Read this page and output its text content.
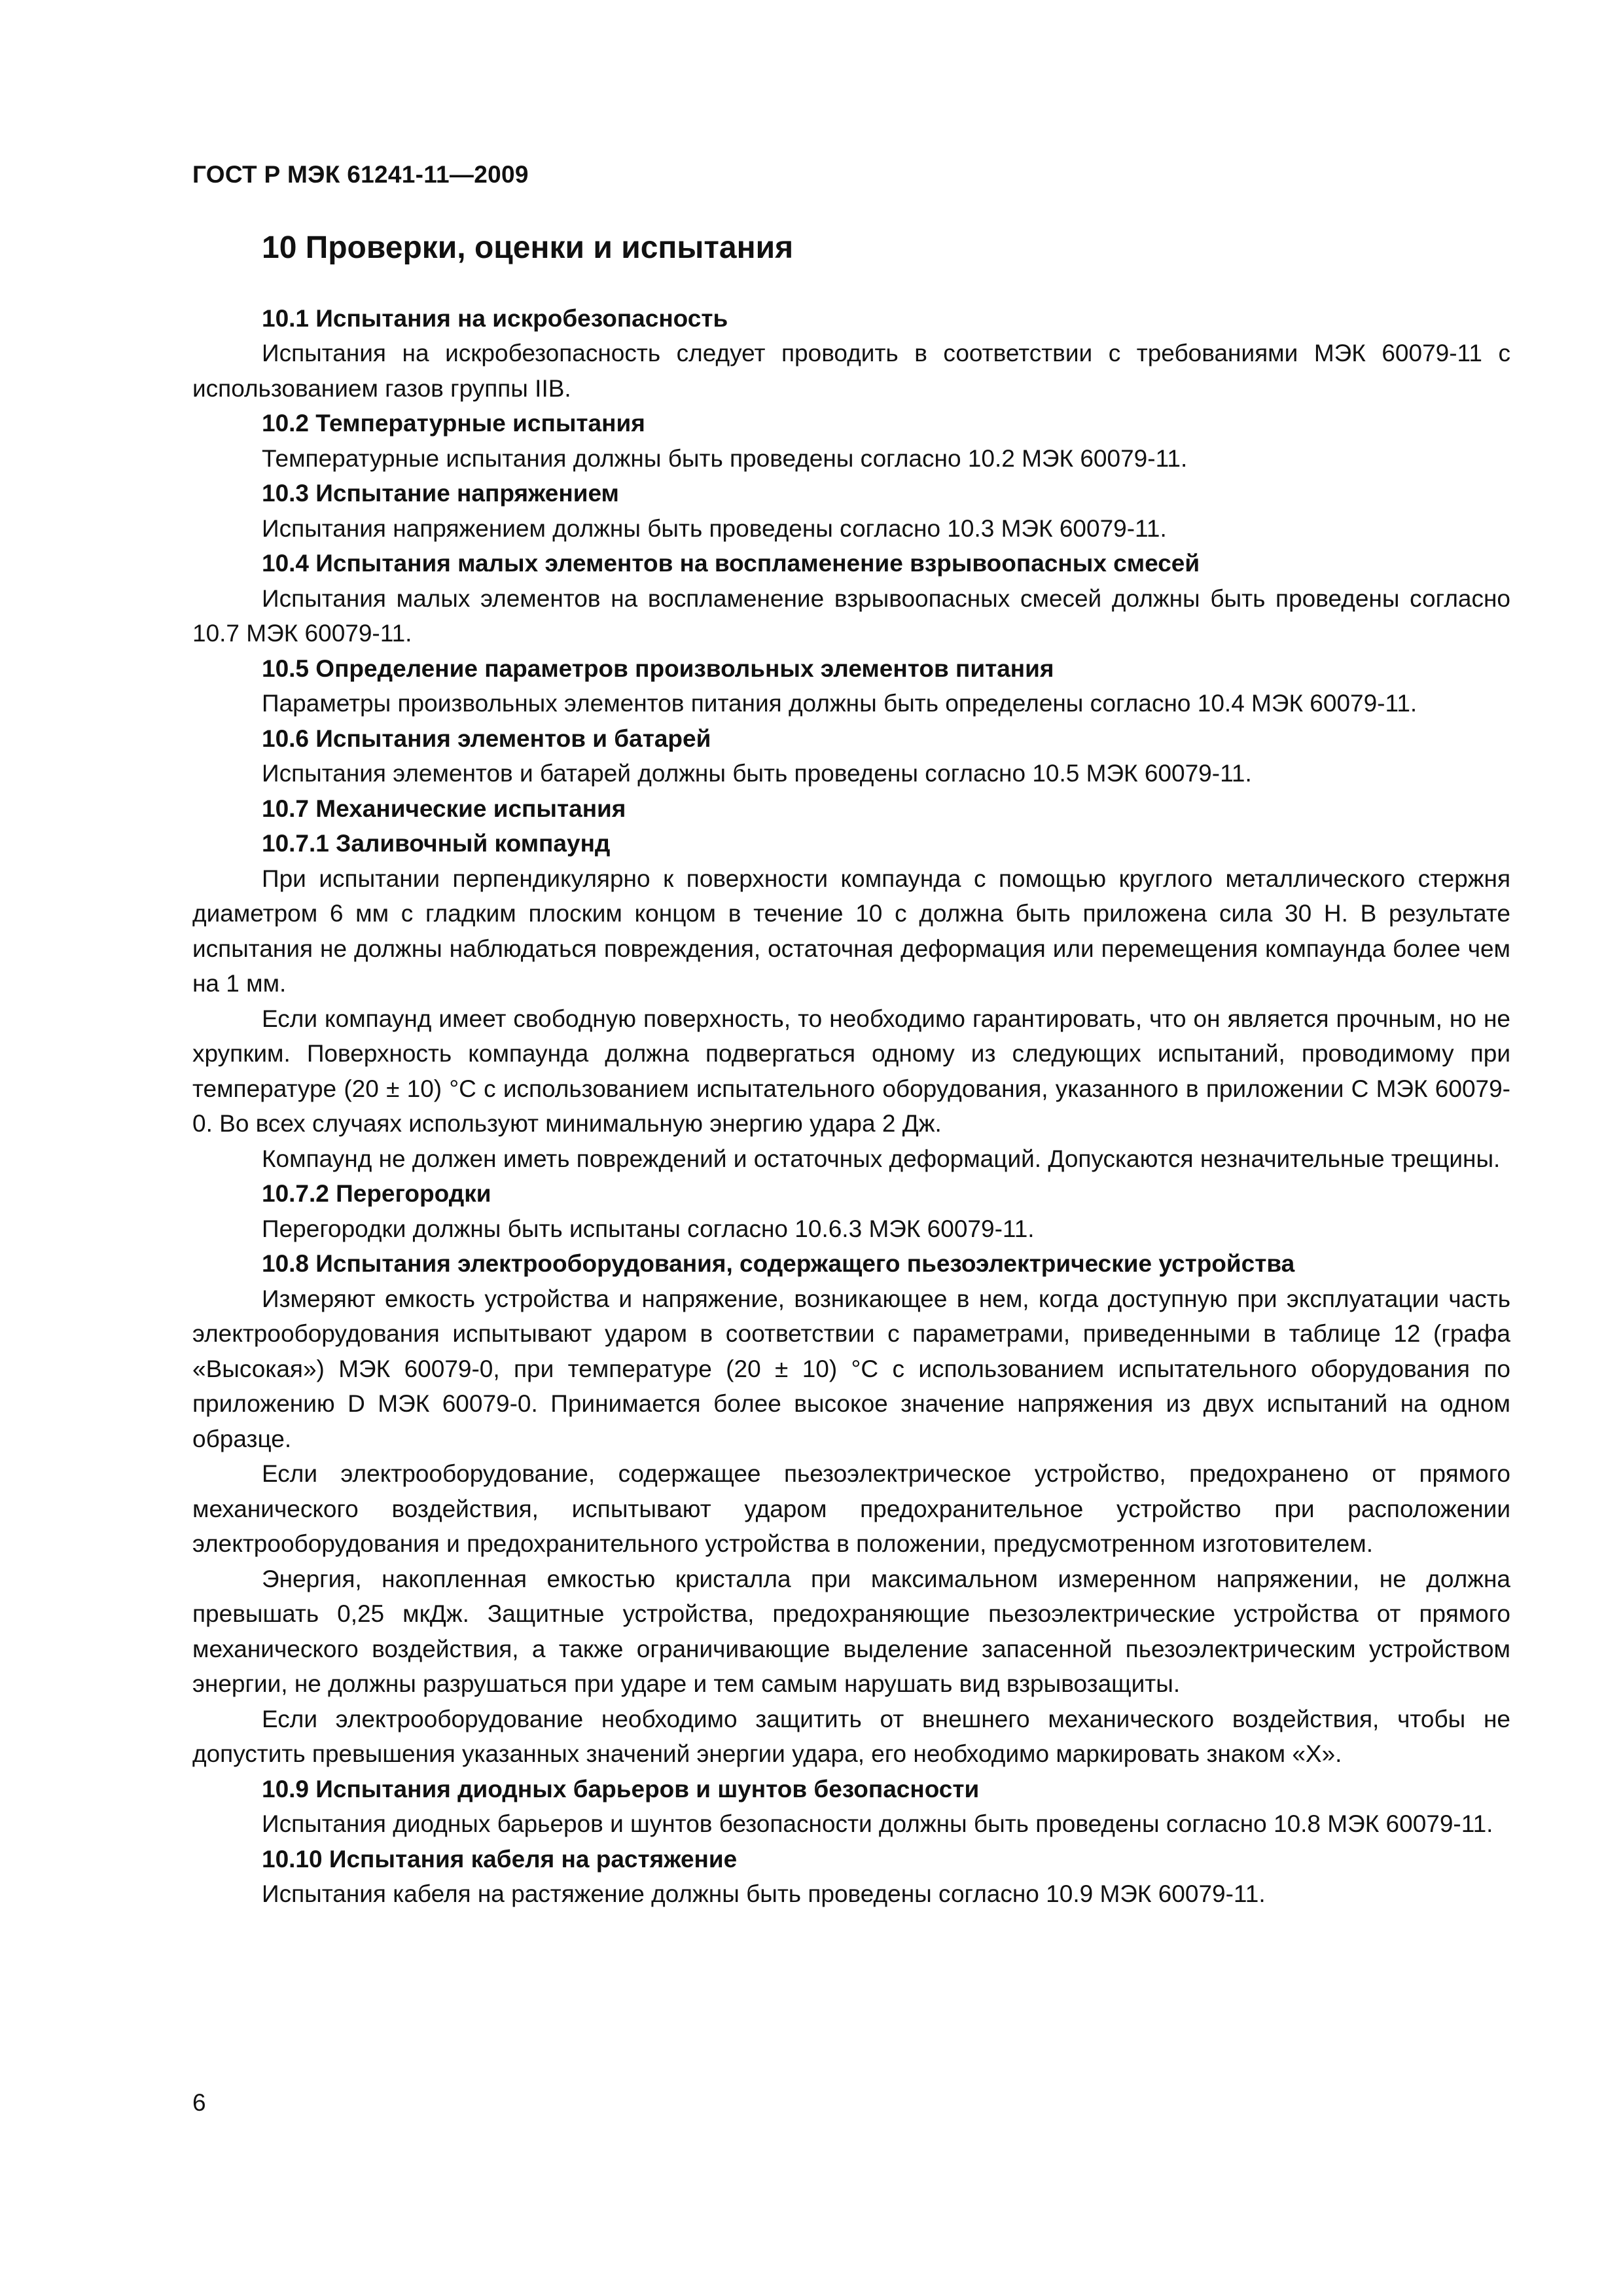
ГОСТ Р МЭК 61241-11—2009
10 Проверки, оценки и испытания
10.1 Испытания на искробезопасность
Испытания на искробезопасность следует проводить в соответствии с требованиями МЭК 60079-11 с использованием газов группы IIB.
10.2 Температурные испытания
Температурные испытания должны быть проведены согласно 10.2 МЭК 60079-11.
10.3 Испытание напряжением
Испытания напряжением должны быть проведены согласно 10.3 МЭК 60079-11.
10.4 Испытания малых элементов на воспламенение взрывоопасных смесей
Испытания малых элементов на воспламенение взрывоопасных смесей должны быть проведены согласно 10.7 МЭК 60079-11.
10.5 Определение параметров произвольных элементов питания
Параметры произвольных элементов питания должны быть определены согласно 10.4 МЭК 60079-11.
10.6 Испытания элементов и батарей
Испытания элементов и батарей должны быть проведены согласно 10.5 МЭК 60079-11.
10.7 Механические испытания
10.7.1 Заливочный компаунд
При испытании перпендикулярно к поверхности компаунда с помощью круглого металлического стержня диаметром 6 мм с гладким плоским концом в течение 10 с должна быть приложена сила 30 Н. В результате испытания не должны наблюдаться повреждения, остаточная деформация или перемещения компаунда более чем на 1 мм.
Если компаунд имеет свободную поверхность, то необходимо гарантировать, что он является прочным, но не хрупким. Поверхность компаунда должна подвергаться одному из следующих испытаний, проводимому при температуре (20 ± 10) °С с использованием испытательного оборудования, указанного в приложении С МЭК 60079-0. Во всех случаях используют минимальную энергию удара 2 Дж.
Компаунд не должен иметь повреждений и остаточных деформаций. Допускаются незначительные трещины.
10.7.2 Перегородки
Перегородки должны быть испытаны согласно 10.6.3 МЭК 60079-11.
10.8 Испытания электрооборудования, содержащего пьезоэлектрические устройства
Измеряют емкость устройства и напряжение, возникающее в нем, когда доступную при эксплуатации часть электрооборудования испытывают ударом в соответствии с параметрами, приведенными в таблице 12 (графа «Высокая») МЭК 60079-0, при температуре (20 ± 10) °С с использованием испытательного оборудования по приложению D МЭК 60079-0. Принимается более высокое значение напряжения из двух испытаний на одном образце.
Если электрооборудование, содержащее пьезоэлектрическое устройство, предохранено от прямого механического воздействия, испытывают ударом предохранительное устройство при расположении электрооборудования и предохранительного устройства в положении, предусмотренном изготовителем.
Энергия, накопленная емкостью кристалла при максимальном измеренном напряжении, не должна превышать 0,25 мкДж. Защитные устройства, предохраняющие пьезоэлектрические устройства от прямого механического воздействия, а также ограничивающие выделение запасенной пьезоэлектрическим устройством энергии, не должны разрушаться при ударе и тем самым нарушать вид взрывозащиты.
Если электрооборудование необходимо защитить от внешнего механического воздействия, чтобы не допустить превышения указанных значений энергии удара, его необходимо маркировать знаком «X».
10.9 Испытания диодных барьеров и шунтов безопасности
Испытания диодных барьеров и шунтов безопасности должны быть проведены согласно 10.8 МЭК 60079-11.
10.10 Испытания кабеля на растяжение
Испытания кабеля на растяжение должны быть проведены согласно 10.9 МЭК 60079-11.
6
